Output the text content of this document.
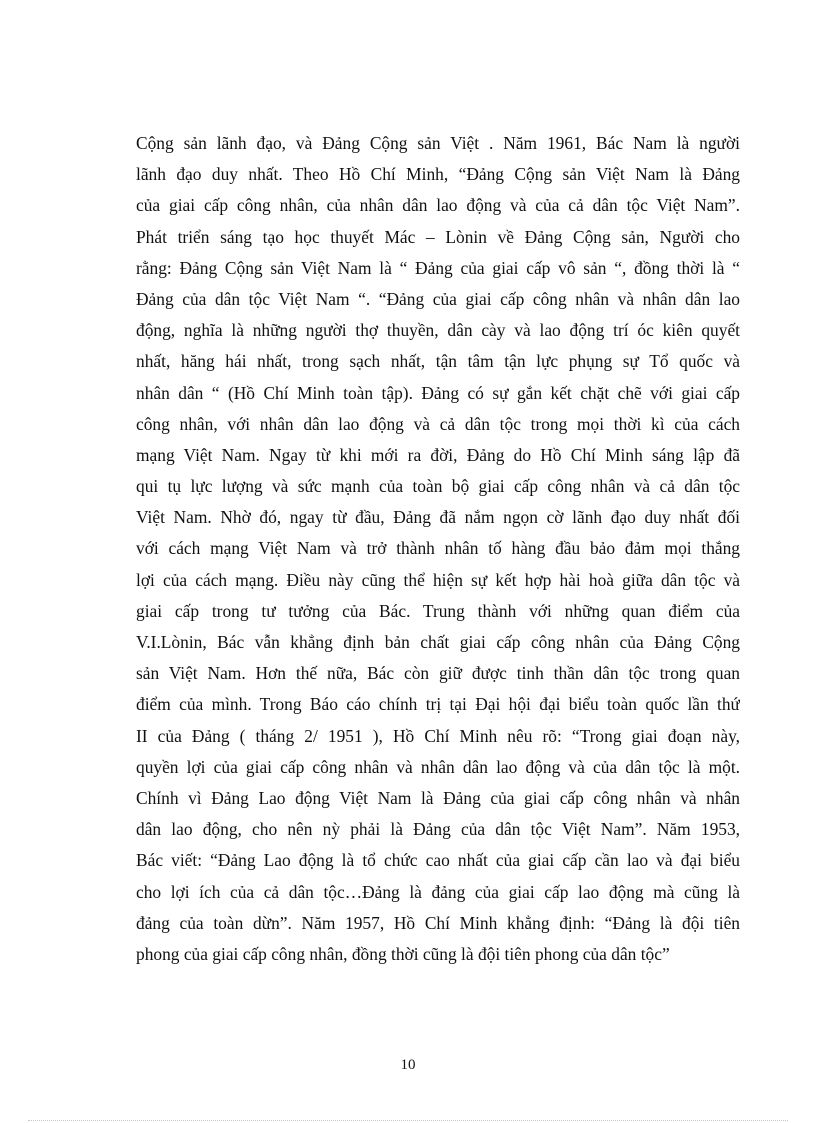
Cộng sản lãnh đạo, và Đảng Cộng sản Việt . Năm 1961, Bác Nam là người
lãnh đạo duy nhất. Theo Hồ Chí Minh, “Đảng Cộng sản Việt Nam là Đảng
của giai cấp công nhân, của nhân dân lao động và của cả dân tộc Việt Nam”.
Phát triển sáng tạo học thuyết Mác – Lònin về Đảng Cộng sản, Người cho
rằng: Đảng Cộng sản Việt Nam là “ Đảng của giai cấp vô sản “, đồng thời là “
Đảng của dân tộc Việt Nam “. “Đảng của giai cấp công nhân và nhân dân lao
động, nghĩa là những người thợ thuyền, dân cày và lao động trí óc kiên quyết
nhất, hăng hái nhất, trong sạch nhất, tận tâm tận lực phụng sự Tổ quốc và
nhân dân “ (Hồ Chí Minh toàn tập). Đảng có sự gắn kết chặt chẽ với giai cấp
công nhân, với nhân dân lao động và cả dân tộc trong mọi thời kì của cách
mạng Việt Nam. Ngay từ khi mới ra đời, Đảng do Hồ Chí Minh sáng lập đã
qui tụ lực lượng và sức mạnh của toàn bộ giai cấp công nhân và cả dân tộc
Việt Nam. Nhờ đó, ngay từ đầu, Đảng đã nắm ngọn cờ lãnh đạo duy nhất đối
với cách mạng Việt Nam và trở thành nhân tố hàng đầu bảo đảm mọi thắng
lợi của cách mạng. Điều này cũng thể hiện sự kết hợp hài hoà giữa dân tộc và
giai cấp trong tư tưởng của Bác. Trung thành với những quan điểm của
V.I.Lònin, Bác vẫn khẳng định bản chất giai cấp công nhân của Đảng Cộng
sản Việt Nam. Hơn thế nữa, Bác còn giữ được tinh thần dân tộc trong quan
điểm của mình. Trong Báo cáo chính trị tại Đại hội đại biểu toàn quốc lần thứ
II của Đảng ( tháng 2/ 1951 ), Hồ Chí Minh nêu rõ: “Trong giai đoạn này,
quyền lợi của giai cấp công nhân và nhân dân lao động và của dân tộc là một.
Chính vì Đảng Lao động Việt Nam là Đảng của giai cấp công nhân và nhân
dân lao động, cho nên nỳ phải là Đảng của dân tộc Việt Nam”. Năm 1953,
Bác viết: “Đảng Lao động là tổ chức cao nhất của giai cấp cần lao và đại biểu
cho lợi ích của cả dân tộc…Đảng là đảng của giai cấp lao động mà cũng là
đảng của toàn dừn”. Năm 1957, Hồ Chí Minh khẳng định: “Đảng là đội tiên
phong của giai cấp công nhân, đồng thời cũng là đội tiên phong của dân tộc”
10
